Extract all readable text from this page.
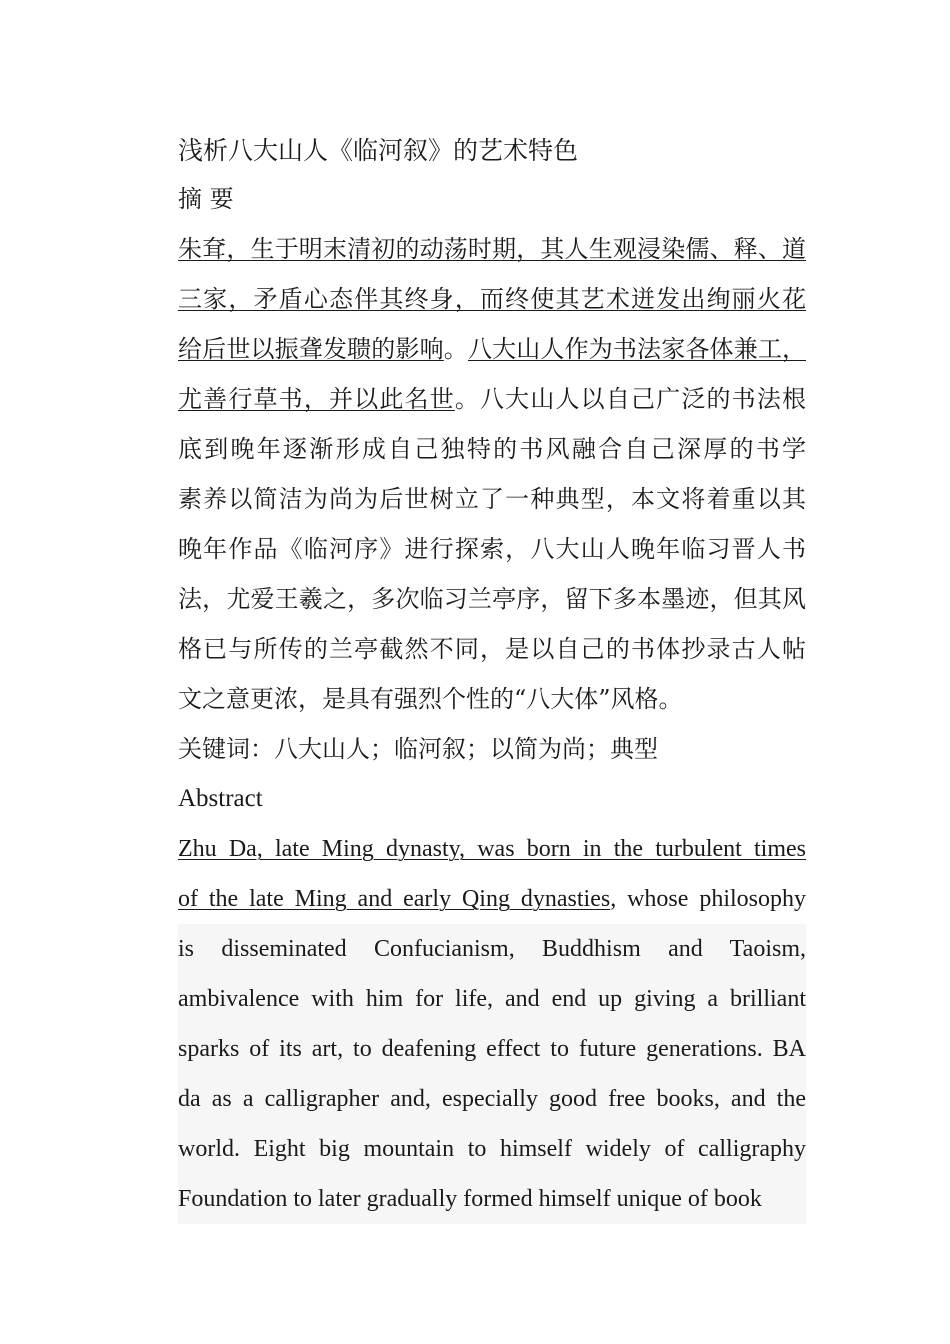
浅析八大山人《临河叙》的艺术特色
摘 要
朱耷，生于明末清初的动荡时期，其人生观浸染儒、释、道
三家，矛盾心态伴其终身，而终使其艺术迸发出绚丽火花
给后世以振聋发聩的影响。八大山人作为书法家各体兼工，
尤善行草书，并以此名世。八大山人以自己广泛的书法根
底到晚年逐渐形成自己独特的书风融合自己深厚的书学
素养以简洁为尚为后世树立了一种典型，本文将着重以其
晚年作品《临河序》进行探索，八大山人晚年临习晋人书
法，尤爱王羲之，多次临习兰亭序，留下多本墨迹，但其风
格已与所传的兰亭截然不同，是以自己的书体抄录古人帖
文之意更浓，是具有强烈个性的“八大体”风格。
关键词：八大山人；临河叙；以简为尚；典型
Abstract
Zhu Da, late Ming dynasty, was born in the turbulent times
of the late Ming and early Qing dynasties, whose philosophy
is disseminated Confucianism, Buddhism and Taoism,
ambivalence with him for life, and end up giving a brilliant
sparks of its art, to deafening effect to future generations. BA
da as a calligrapher and, especially good free books, and the
world. Eight big mountain to himself widely of calligraphy
Foundation to later gradually formed himself unique of book
